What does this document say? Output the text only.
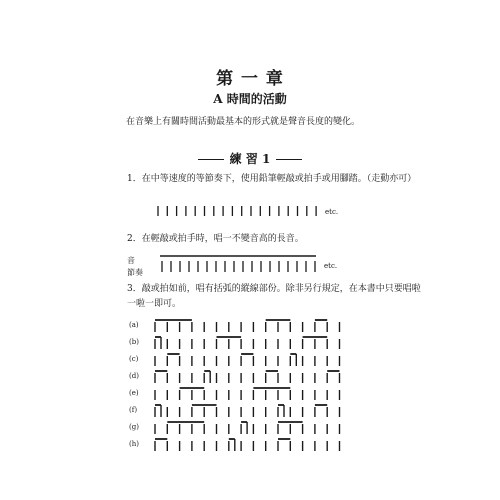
第 一 章
A 時間的活動
在音樂上有關時間活動最基本的形式就是聲音長度的變化。
練 習 1
1．在中等速度的等節奏下，使用鉛筆輕敲或拍手或用腳踏。（走動亦可）
etc.
2．在輕敲或拍手時，唱一不變音高的長音。
音
節奏
etc.
3．敲或拍如前，唱有括弧的縱線部份。除非另行規定，在本書中只要唱啦
一啦一即可。
(a)
(b)
(c)
(d)
(e)
(f)
(g)
(h)
